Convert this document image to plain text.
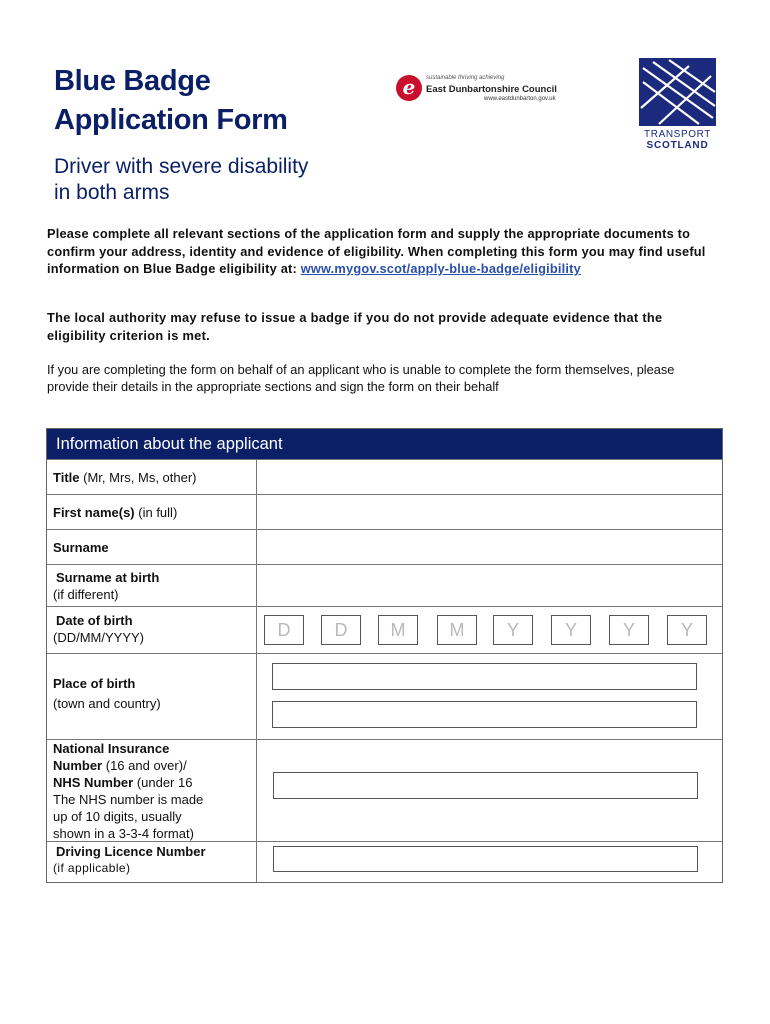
Blue Badge
Application Form
e	sustainable thriving achieving
East Dunbartonshire Council
www.eastdunbarton.gov.uk
TRANSPORT
SCOTLAND
Driver with severe disability
in both arms
Please complete all relevant sections of the application form and supply the appropriate documents to confirm your address, identity and evidence of eligibility. When completing this form you may find useful information on Blue Badge eligibility at: www.mygov.scot/apply-blue-badge/eligibility
The local authority may refuse to issue a badge if you do not provide adequate evidence that the eligibility criterion is met.
If you are completing the form on behalf of an applicant who is unable to complete the form themselves, please provide their details in the appropriate sections and sign the form on their behalf
Information about the applicant
Title (Mr, Mrs, Ms, other)
First name(s) (in full)
Surname
Surname at birth
(if different)
Date of birth
(DD/MM/YYYY)	D	D	M	M	Y	Y	Y	Y
Place of birth
(town and country)
National Insurance
Number (16 and over)/
NHS Number (under 16
The NHS number is made
up of 10 digits, usually
shown in a 3-3-4 format)
Driving Licence Number
(if applicable)
